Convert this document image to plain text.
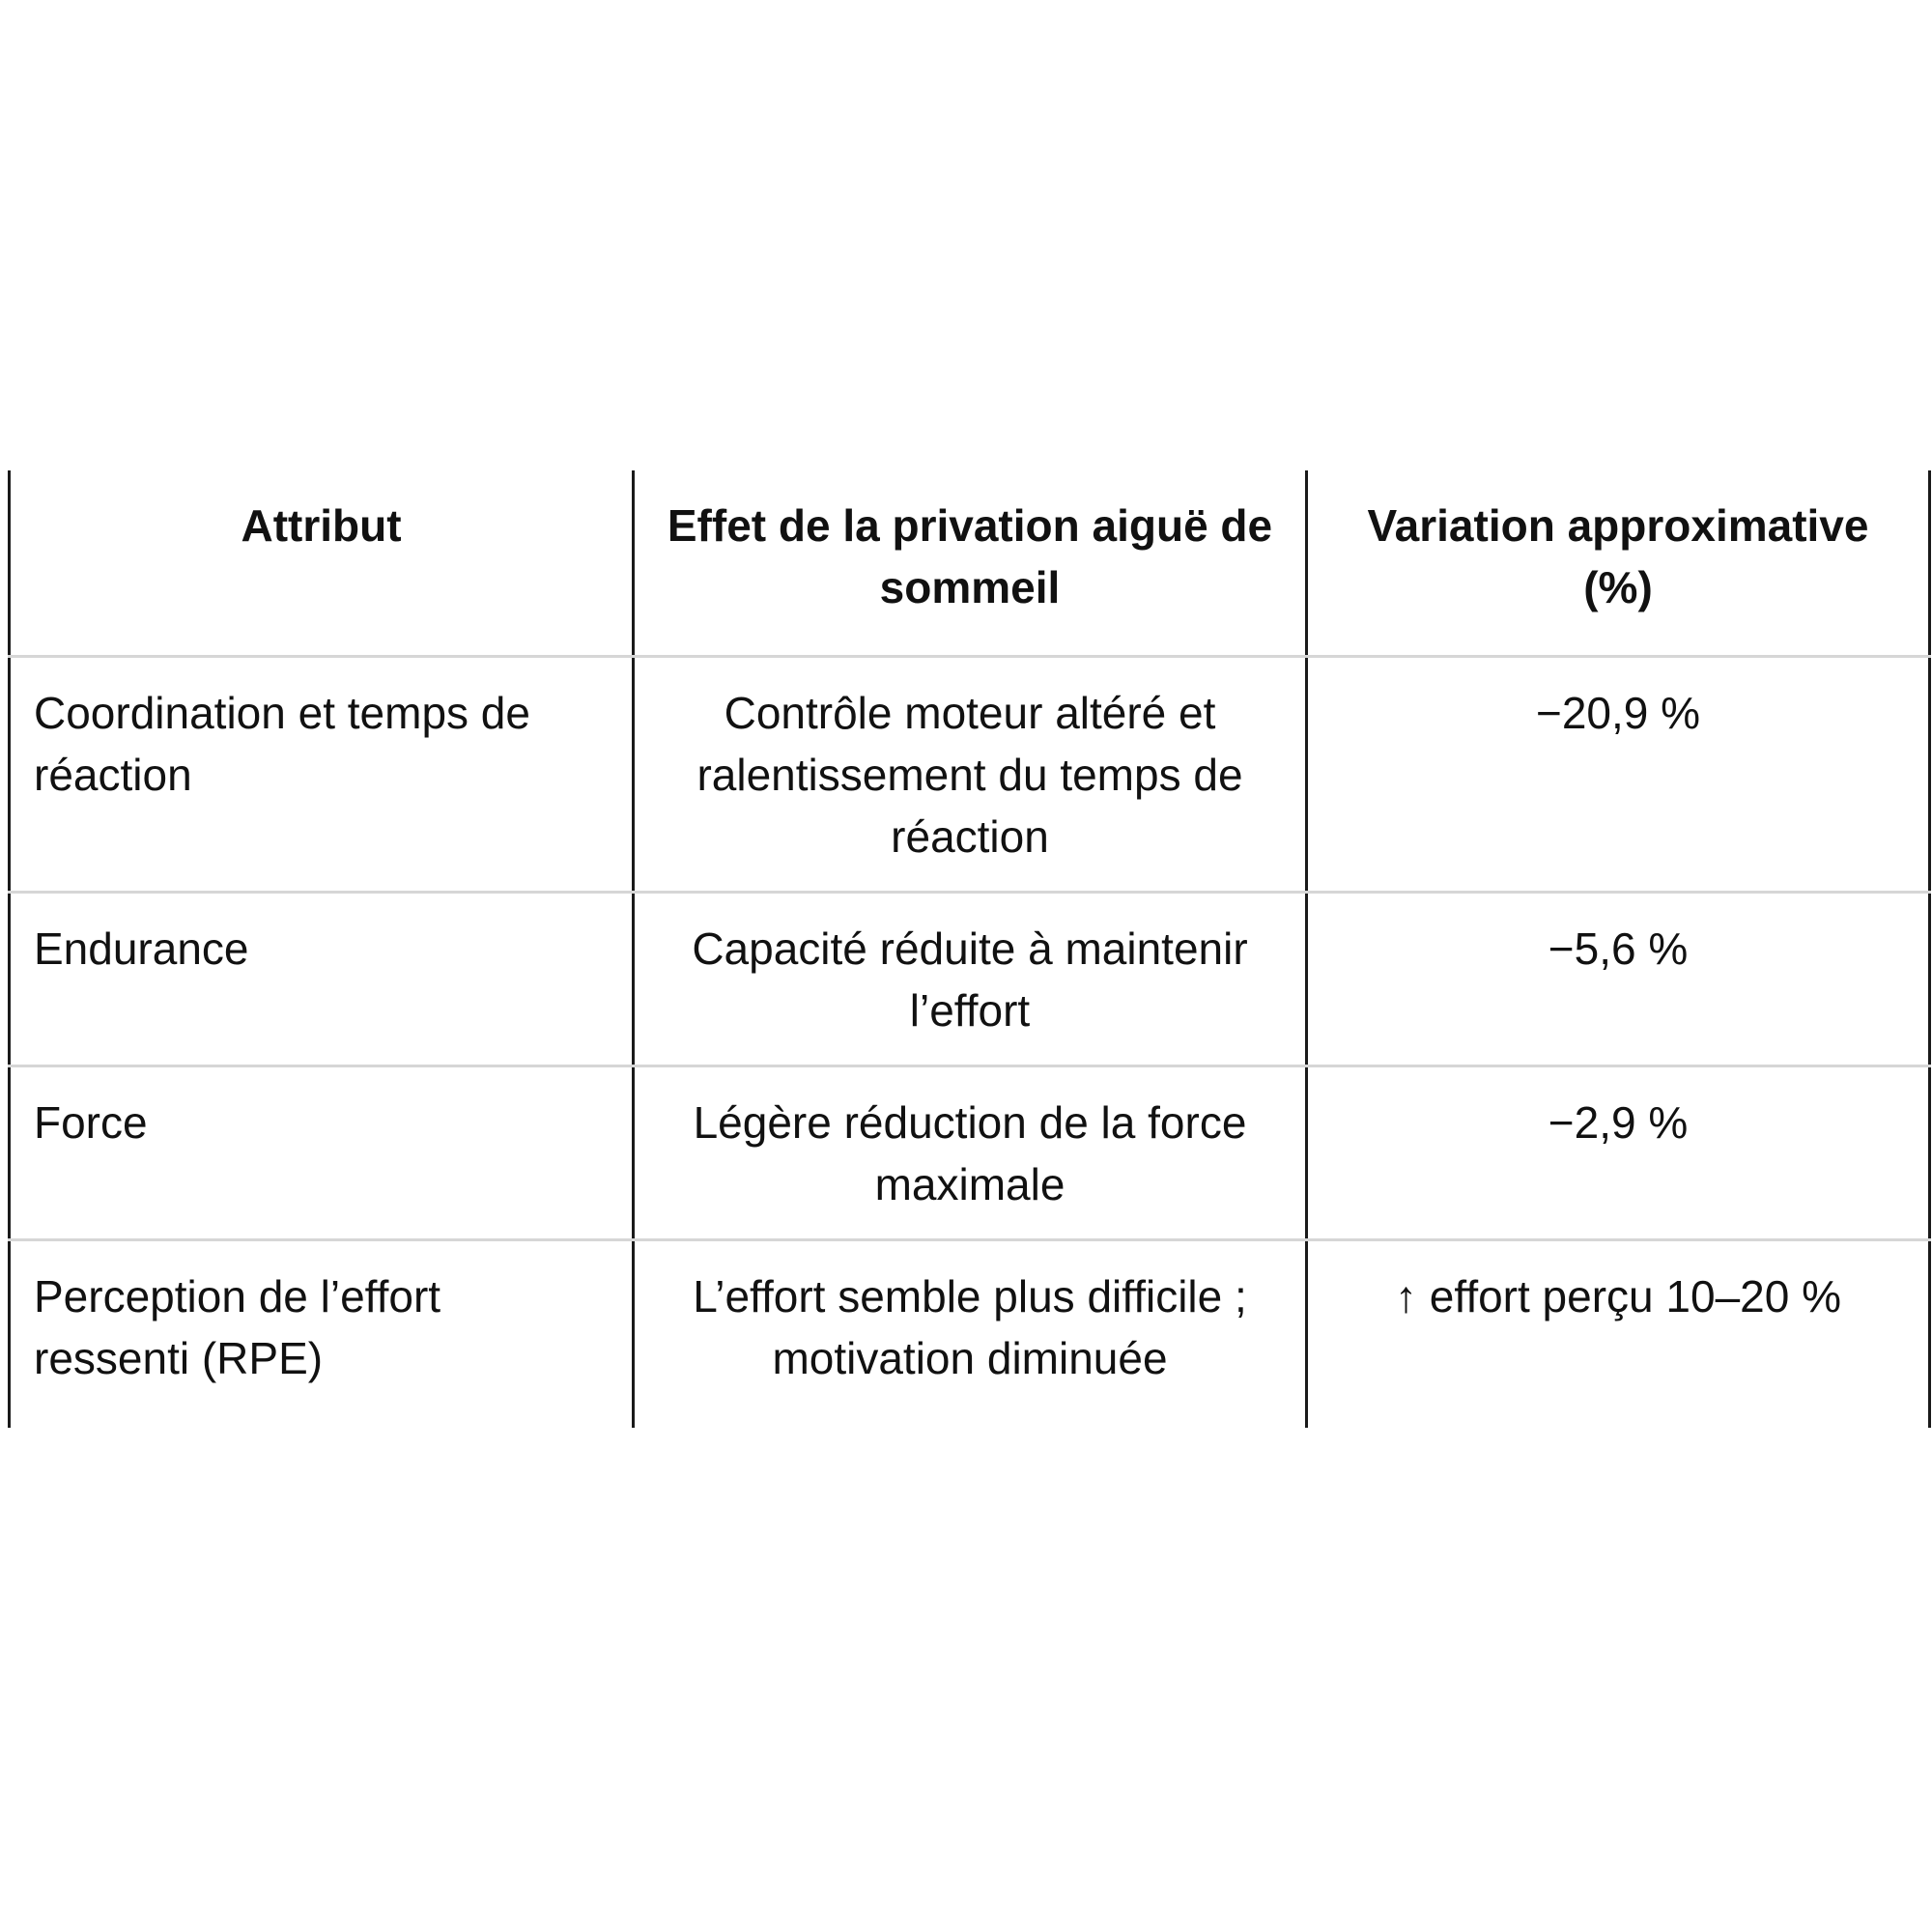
Attribut	Effet de la privation aiguë de sommeil	Variation approximative (%)
Coordination et temps de réaction	Contrôle moteur altéré et ralentissement du temps de réaction	−20,9 %
Endurance	Capacité réduite à maintenir l’effort	−5,6 %
Force	Légère réduction de la force maximale	−2,9 %
Perception de l’effort ressenti (RPE)	L’effort semble plus difficile ; motivation diminuée	↑ effort perçu 10–20 %
